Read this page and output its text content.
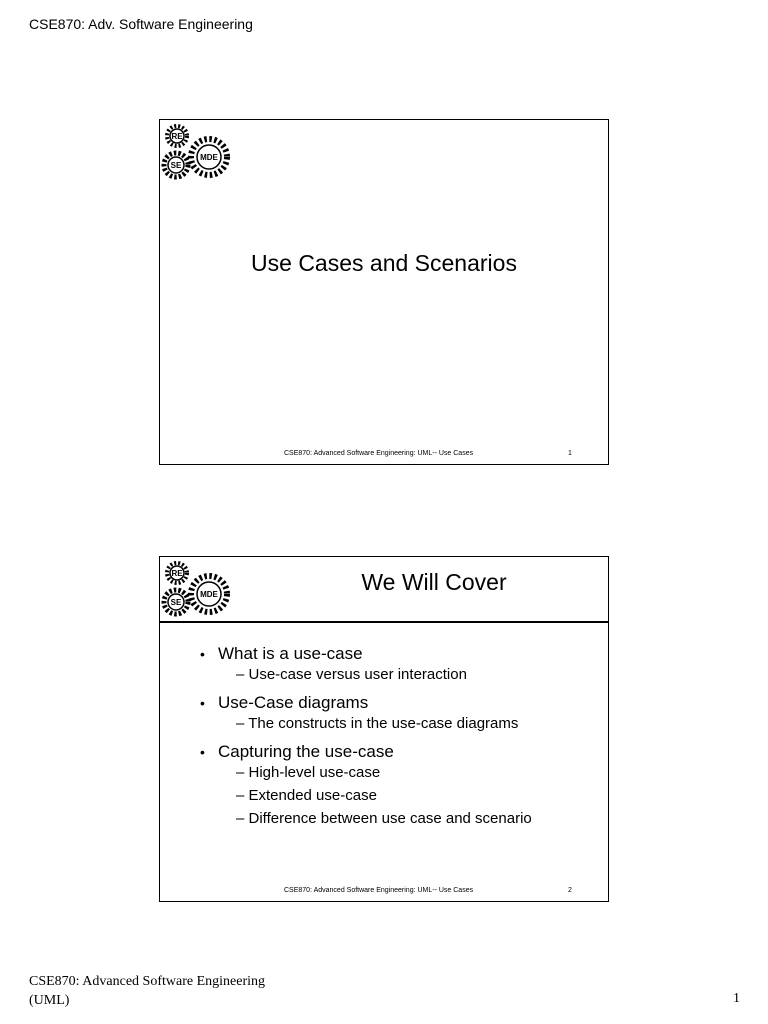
CSE870: Adv. Software Engineering
RE
SE
MDE
Use Cases and Scenarios
CSE870: Advanced Software Engineering: UML-- Use Cases	1
RE
SE
MDE	We Will Cover

• What is a use-case

– Use-case versus user interaction

• Use-Case diagrams

– The constructs in the use-case diagrams

• Capturing the use-case

– High-level use-case

– Extended use-case

– Difference between use case and scenario

CSE870: Advanced Software Engineering: UML-- Use Cases	2
CSE870: Advanced Software Engineering
(UML)	1
